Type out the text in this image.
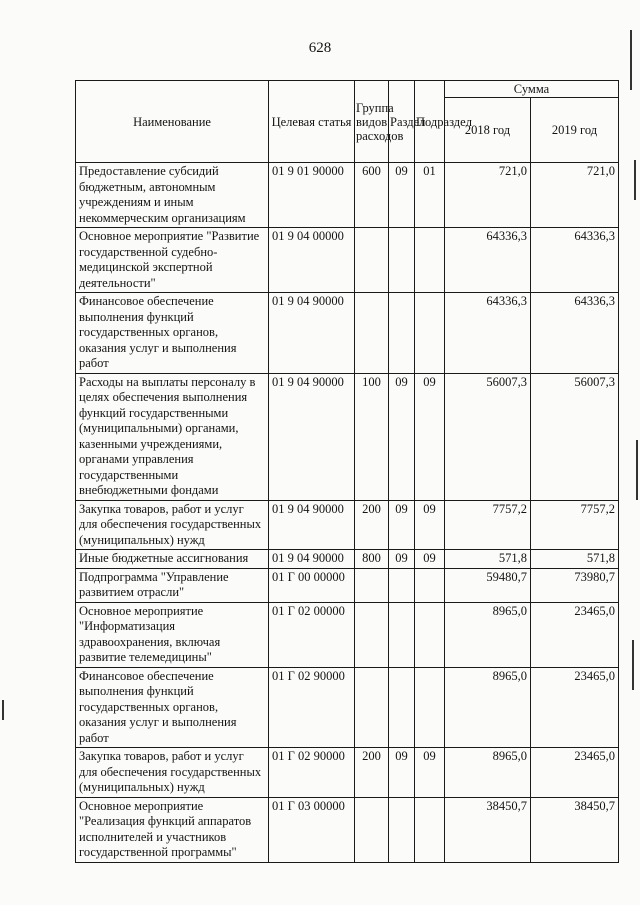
628
Наименование	Целевая статья	Группа видов расходов	Раздел	Подраздел	Сумма	
					2018 год	2019 год
Предоставление субсидий бюджетным, автономным учреждениям и иным некоммерческим организациям	01 9 01 90000	600	09	01	721,0	721,0
Основное мероприятие "Развитие государственной судебно-медицинской экспертной деятельности"	01 9 04 00000				64336,3	64336,3
Финансовое обеспечение выполнения функций государственных органов, оказания услуг и выполнения работ	01 9 04 90000				64336,3	64336,3
Расходы на выплаты персоналу в целях обеспечения выполнения функций государственными (муниципальными) органами, казенными учреждениями, органами управления государственными внебюджетными фондами	01 9 04 90000	100	09	09	56007,3	56007,3
Закупка товаров, работ и услуг для обеспечения государственных (муниципальных) нужд	01 9 04 90000	200	09	09	7757,2	7757,2
Иные бюджетные ассигнования	01 9 04 90000	800	09	09	571,8	571,8
Подпрограмма "Управление развитием отрасли"	01 Г 00 00000				59480,7	73980,7
Основное мероприятие "Информатизация здравоохранения, включая развитие телемедицины"	01 Г 02 00000				8965,0	23465,0
Финансовое обеспечение выполнения функций государственных органов, оказания услуг и выполнения работ	01 Г 02 90000				8965,0	23465,0
Закупка товаров, работ и услуг для обеспечения государственных (муниципальных) нужд	01 Г 02 90000	200	09	09	8965,0	23465,0
Основное мероприятие "Реализация функций аппаратов исполнителей и участников государственной программы"	01 Г 03 00000				38450,7	38450,7
